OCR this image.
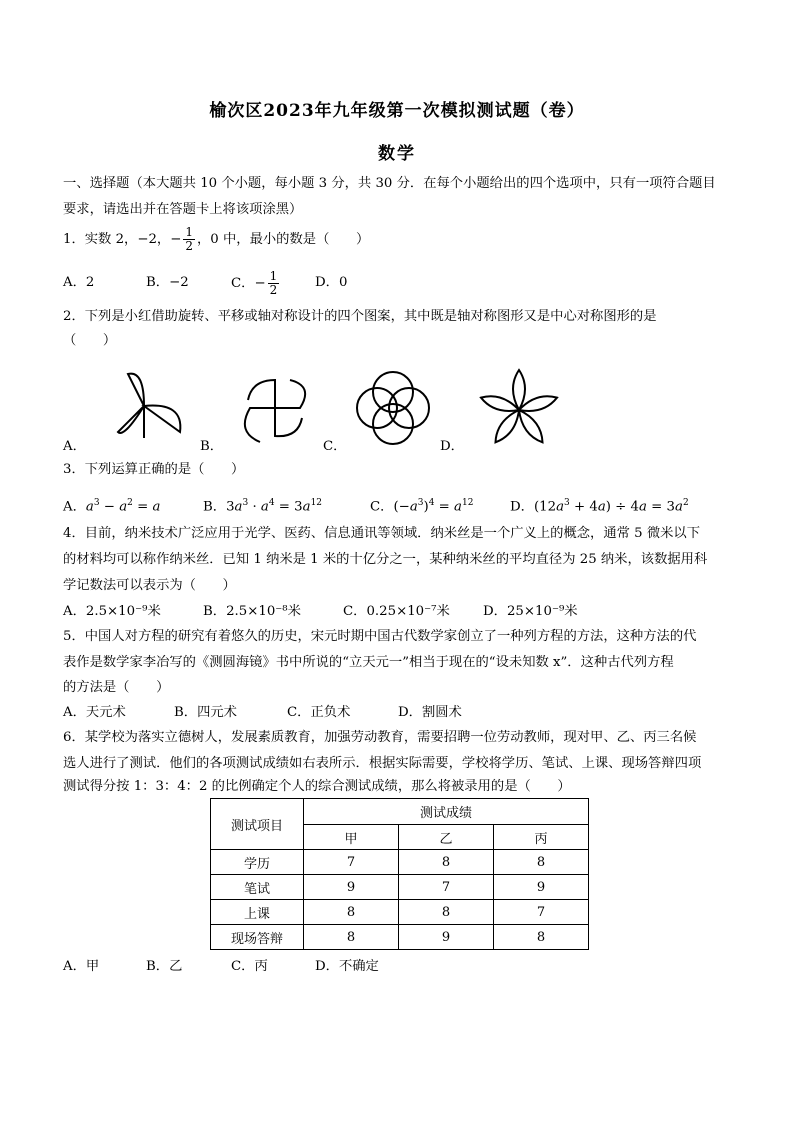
榆次区2023年九年级第一次模拟测试题（卷）
数学
一、选择题（本大题共 10 个小题，每小题 3 分，共 30 分．在每个小题给出的四个选项中，只有一项符合题目
要求，请选出并在答题卡上将该项涂黑）
1．实数 2，−2，− $\frac{1}{2}$ ，0 中，最小的数是（　　）
A．2	B．−2	C．− $\frac{1}{2}$	D．0
2．下列是小红借助旋转、平移或轴对称设计的四个图案，其中既是轴对称图形又是中心对称图形的是
（　　）
A．	B．	C．	D．
3．下列运算正确的是（　　）
A．$a^3 - a^2 = a$	B．$3a^3 \cdot a^4 = 3a^{12}$	C．$(-a^3)^4 = a^{12}$	D．$(12a^3 + 4a) \div 4a = 3a^2$
4．目前，纳米技术广泛应用于光学、医药、信息通讯等领域．纳米丝是一个广义上的概念，通常 5 微米以下
的材料均可以称作纳米丝．已知 1 纳米是 1 米的十亿分之一，某种纳米丝的平均直径为 25 纳米，该数据用科
学记数法可以表示为（　　）
A．2.5×10⁻⁹米	B．2.5×10⁻⁸米	C．0.25×10⁻⁷米 D．25×10⁻⁹米
5．中国人对方程的研究有着悠久的历史，宋元时期中国古代数学家创立了一种列方程的方法，这种方法的代
表作是数学家李冶写的《测圆海镜》书中所说的“立天元一”相当于现在的“设未知数 x”．这种古代列方程
的方法是（　　）
A．天元术	B．四元术	C．正负术	D．割圆术
6．某学校为落实立德树人，发展素质教育，加强劳动教育，需要招聘一位劳动教师，现对甲、乙、丙三名候
选人进行了测试．他们的各项测试成绩如右表所示．根据实际需要，学校将学历、笔试、上课、现场答辩四项
测试得分按 1：3：4：2 的比例确定个人的综合测试成绩，那么将被录用的是（　　）
测试项目	测试成绩		
	甲	乙	丙
学历	7	8	8
笔试	9	7	9
上课	8	8	7
现场答辩	8	9	8
A．甲	B．乙	C．丙	D．不确定
